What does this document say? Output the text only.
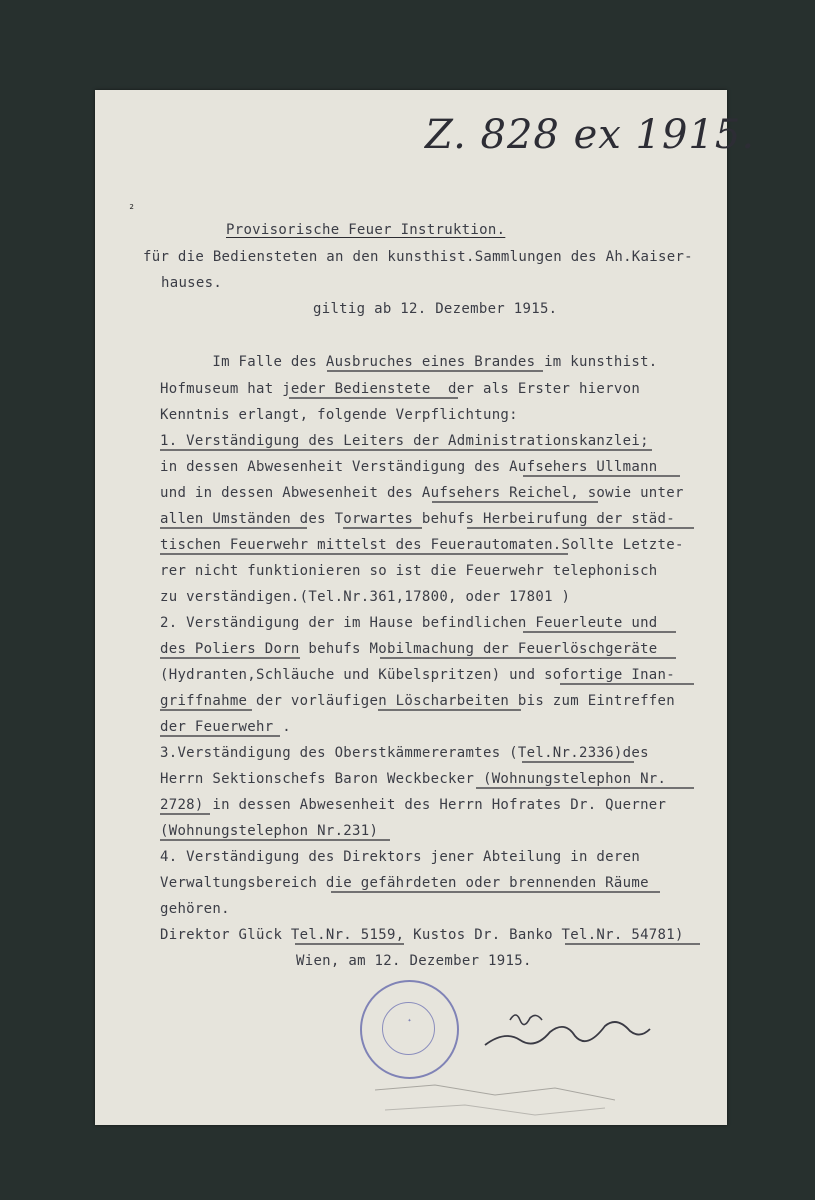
Z. 828 ex 1915.
₂
Provisorische Feuer Instruktion.
für die Bediensteten an den kunsthist.Sammlungen des Ah.Kaiser-
hauses.
giltig ab 12. Dezember 1915.
Im Falle des Ausbruches eines Brandes im kunsthist.
Hofmuseum hat jeder Bedienstete  der als Erster hiervon
Kenntnis erlangt, folgende Verpflichtung:
1. Verständigung des Leiters der Administrationskanzlei;
in dessen Abwesenheit Verständigung des Aufsehers Ullmann
und in dessen Abwesenheit des Aufsehers Reichel, sowie unter
allen Umständen des Torwartes behufs Herbeirufung der städ-
tischen Feuerwehr mittelst des Feuerautomaten.Sollte Letzte-
rer nicht funktionieren so ist die Feuerwehr telephonisch
zu verständigen.(Tel.Nr.361,17800, oder 17801 )
2. Verständigung der im Hause befindlichen Feuerleute und
des Poliers Dorn behufs Mobilmachung der Feuerlöschgeräte
(Hydranten,Schläuche und Kübelspritzen) und sofortige Inan-
griffnahme der vorläufigen Löscharbeiten bis zum Eintreffen
der Feuerwehr .
3.Verständigung des Oberstkämmereramtes (Tel.Nr.2336)des
Herrn Sektionschefs Baron Weckbecker (Wohnungstelephon Nr.
2728) in dessen Abwesenheit des Herrn Hofrates Dr. Querner
(Wohnungstelephon Nr.231)
4. Verständigung des Direktors jener Abteilung in deren
Verwaltungsbereich die gefährdeten oder brennenden Räume
gehören.
Direktor Glück Tel.Nr. 5159, Kustos Dr. Banko Tel.Nr. 54781)
Wien, am 12. Dezember 1915.
✦
